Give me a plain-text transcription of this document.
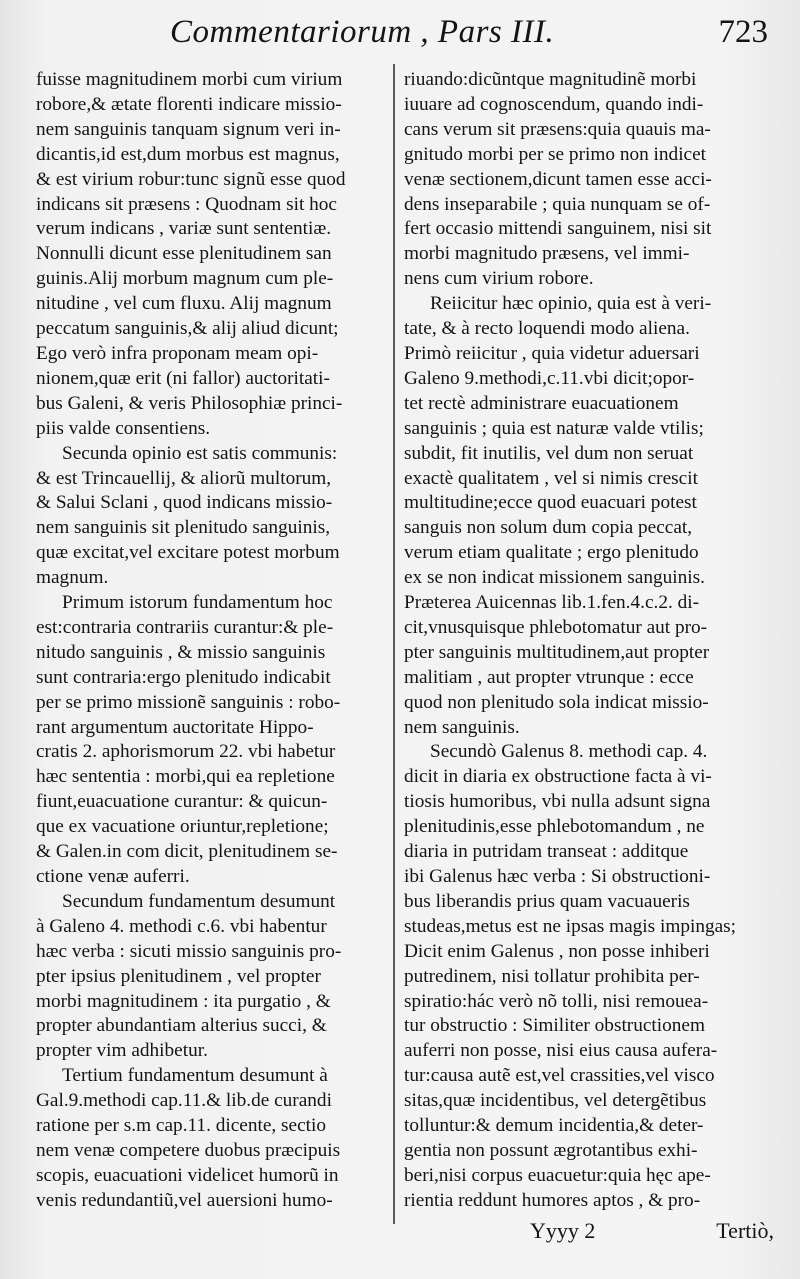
Commentariorum , Pars III.	723
fuisse magnitudinem morbi cum virium
robore,& ætate florenti indicare missio-
nem sanguinis tanquam signum veri in-
dicantis,id est,dum morbus est magnus,
& est virium robur:tunc signũ esse quod
indicans sit præsens : Quodnam sit hoc
verum indicans , variæ sunt sententiæ.
Nonnulli dicunt esse plenitudinem san
guinis.Alij morbum magnum cum ple-
nitudine , vel cum fluxu. Alij magnum
peccatum sanguinis,& alij aliud dicunt;
Ego verò infra proponam meam opi-
nionem,quæ erit (ni fallor) auctoritati-
bus Galeni, & veris Philosophiæ princi-
piis valde consentiens.
Secunda opinio est satis communis:
& est Trincauellij, & aliorũ multorum,
& Salui Sclani , quod indicans missio-
nem sanguinis sit plenitudo sanguinis,
quæ excitat,vel excitare potest morbum
magnum.
Primum istorum fundamentum hoc
est:contraria contrariis curantur:& ple-
nitudo sanguinis , & missio sanguinis
sunt contraria:ergo plenitudo indicabit
per se primo missionẽ sanguinis : robo-
rant argumentum auctoritate Hippo-
cratis 2. aphorismorum 22. vbi habetur
hæc sententia : morbi,qui ea repletione
fiunt,euacuatione curantur: & quicun-
que ex vacuatione oriuntur,repletione;
& Galen.in com dicit, plenitudinem se-
ctione venæ auferri.
Secundum fundamentum desumunt
à Galeno 4. methodi c.6. vbi habentur
hæc verba : sicuti missio sanguinis pro-
pter ipsius plenitudinem , vel propter
morbi magnitudinem : ita purgatio , &
propter abundantiam alterius succi, &
propter vim adhibetur.
Tertium fundamentum desumunt à
Gal.9.methodi cap.11.& lib.de curandi
ratione per s.m cap.11. dicente, sectio
nem venæ competere duobus præcipuis
scopis, euacuationi videlicet humorũ in
venis redundantiũ,vel auersioni humo-
riuando:dicũntque magnitudinẽ morbi
iuuare ad cognoscendum, quando indi-
cans verum sit præsens:quia quauis ma-
gnitudo morbi per se primo non indicet
venæ sectionem,dicunt tamen esse acci-
dens inseparabile ; quia nunquam se of-
fert occasio mittendi sanguinem, nisi sit
morbi magnitudo præsens, vel immi-
nens cum virium robore.
Reiicitur hæc opinio, quia est à veri-
tate, & à recto loquendi modo aliena.
Primò reiicitur , quia videtur aduersari
Galeno 9.methodi,c.11.vbi dicit;opor-
tet rectè administrare euacuationem
sanguinis ; quia est naturæ valde vtilis;
subdit, fit inutilis, vel dum non seruat
exactè qualitatem , vel si nimis crescit
multitudine;ecce quod euacuari potest
sanguis non solum dum copia peccat,
verum etiam qualitate ; ergo plenitudo
ex se non indicat missionem sanguinis.
Præterea Auicennas lib.1.fen.4.c.2. di-
cit,vnusquisque phlebotomatur aut pro-
pter sanguinis multitudinem,aut propter
malitiam , aut propter vtrunque : ecce
quod non plenitudo sola indicat missio-
nem sanguinis.
Secundò Galenus 8. methodi cap. 4.
dicit in diaria ex obstructione facta à vi-
tiosis humoribus, vbi nulla adsunt signa
plenitudinis,esse phlebotomandum , ne
diaria in putridam transeat : additque
ibi Galenus hæc verba : Si obstructioni-
bus liberandis prius quam vacuaueris
studeas,metus est ne ipsas magis impingas;
Dicit enim Galenus , non posse inhiberi
putredinem, nisi tollatur prohibita per-
spiratio:hác verò nõ tolli, nisi remouea-
tur obstructio : Similiter obstructionem
auferri non posse, nisi eius causa aufera-
tur:causa autẽ est,vel crassities,vel visco
sitas,quæ incidentibus, vel detergẽtibus
tolluntur:& demum incidentia,& deter-
gentia non possunt ægrotantibus exhi-
beri,nisi corpus euacuetur:quia hęc ape-
rientia reddunt humores aptos , & pro-
Yyyy 2	Tertiò,
